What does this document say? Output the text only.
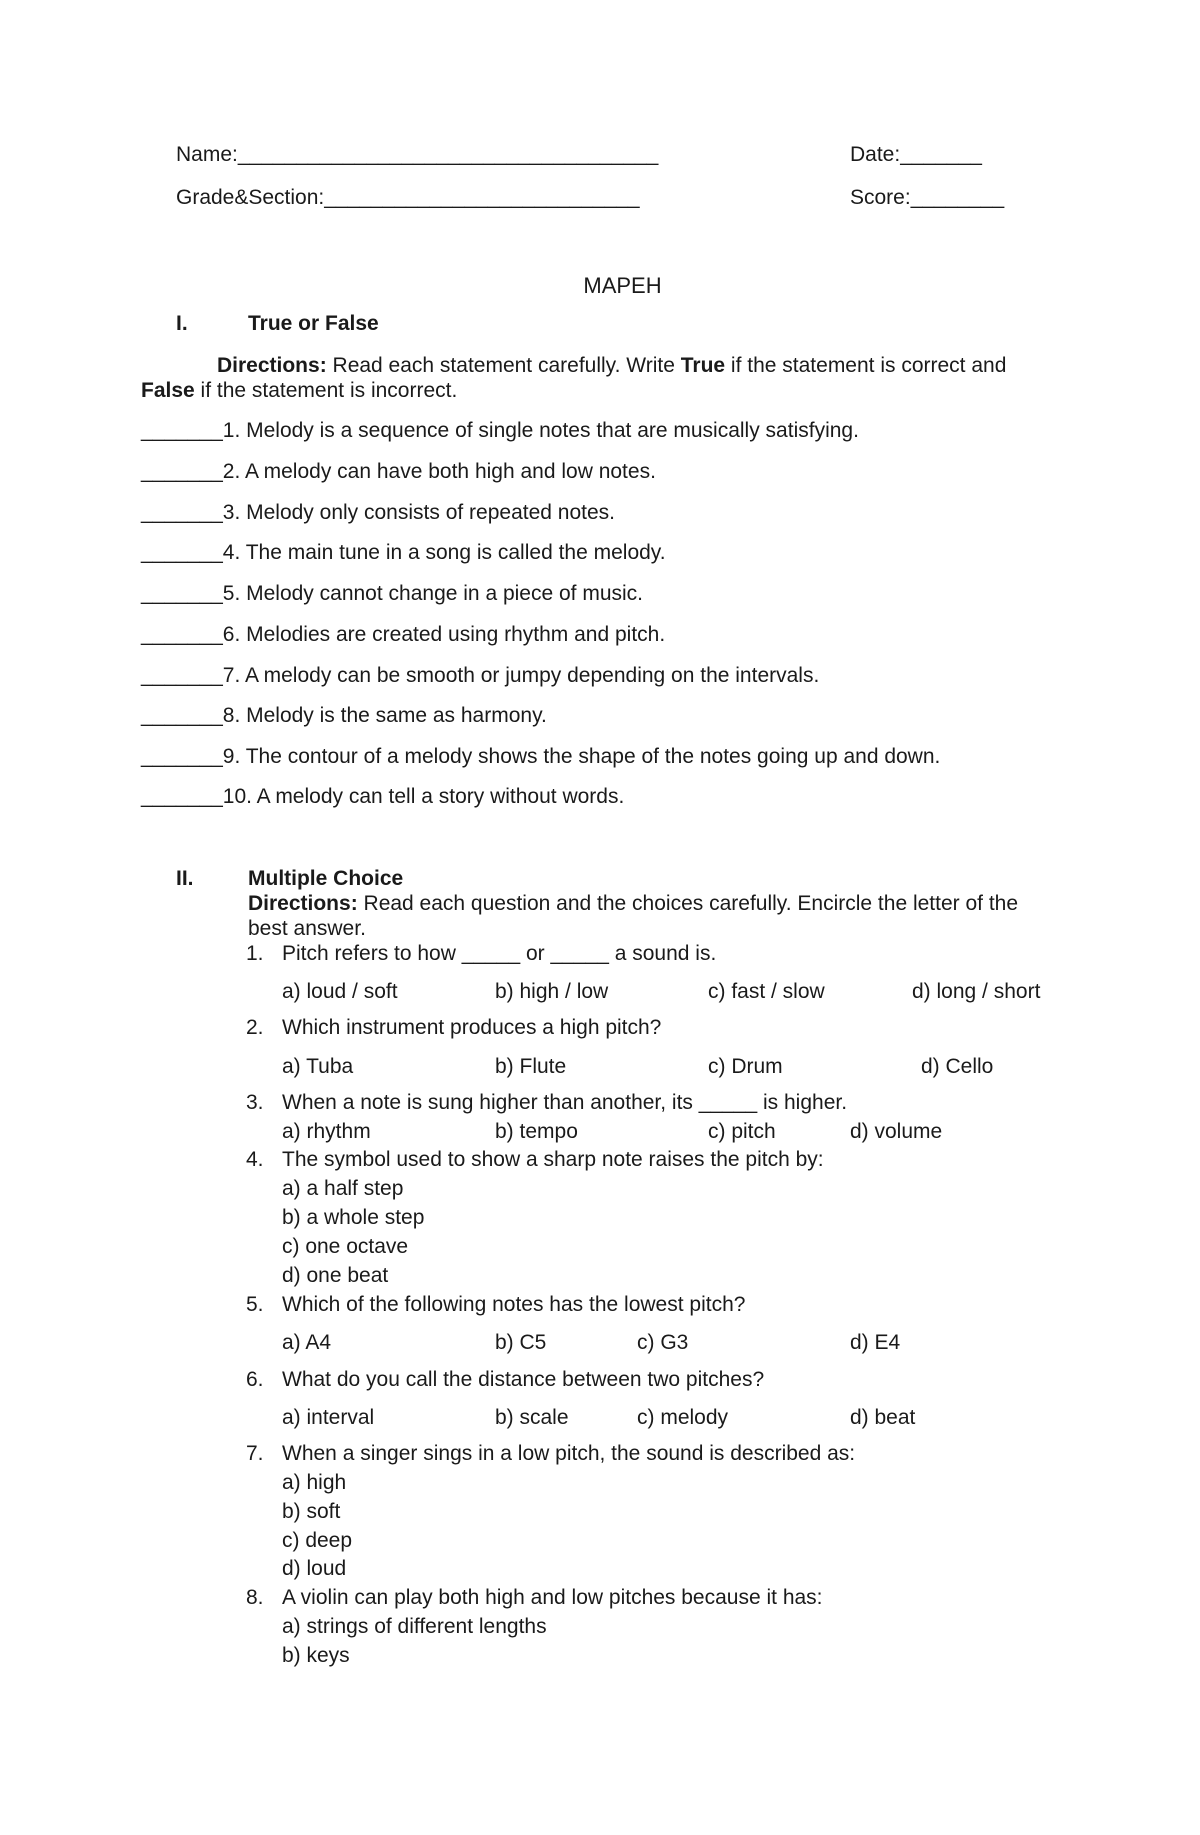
Name:____________________________________	Date:_______
Grade&Section:___________________________	Score:________
MAPEH
I.	True or False
Directions: Read each statement carefully. Write True if the statement is correct and
False if the statement is incorrect.
_______1. Melody is a sequence of single notes that are musically satisfying.
_______2. A melody can have both high and low notes.
_______3. Melody only consists of repeated notes.
_______4. The main tune in a song is called the melody.
_______5. Melody cannot change in a piece of music.
_______6. Melodies are created using rhythm and pitch.
_______7. A melody can be smooth or jumpy depending on the intervals.
_______8. Melody is the same as harmony.
_______9. The contour of a melody shows the shape of the notes going up and down.
_______10. A melody can tell a story without words.
II.	Multiple Choice
Directions: Read each question and the choices carefully. Encircle the letter of the
best answer.
1. Pitch refers to how _____ or _____ a sound is.
a) loud / soft	b) high / low	c) fast / slow	d) long / short
2. Which instrument produces a high pitch?
a) Tuba	b) Flute	c) Drum	d) Cello
3. When a note is sung higher than another, its _____ is higher.
a) rhythm	b) tempo	c) pitch	d) volume
4. The symbol used to show a sharp note raises the pitch by:
a) a half step
b) a whole step
c) one octave
d) one beat
5. Which of the following notes has the lowest pitch?
a) A4	b) C5	c) G3	d) E4
6. What do you call the distance between two pitches?
a) interval	b) scale	c) melody	d) beat
7. When a singer sings in a low pitch, the sound is described as:
a) high
b) soft
c) deep
d) loud
8. A violin can play both high and low pitches because it has:
a) strings of different lengths
b) keys
